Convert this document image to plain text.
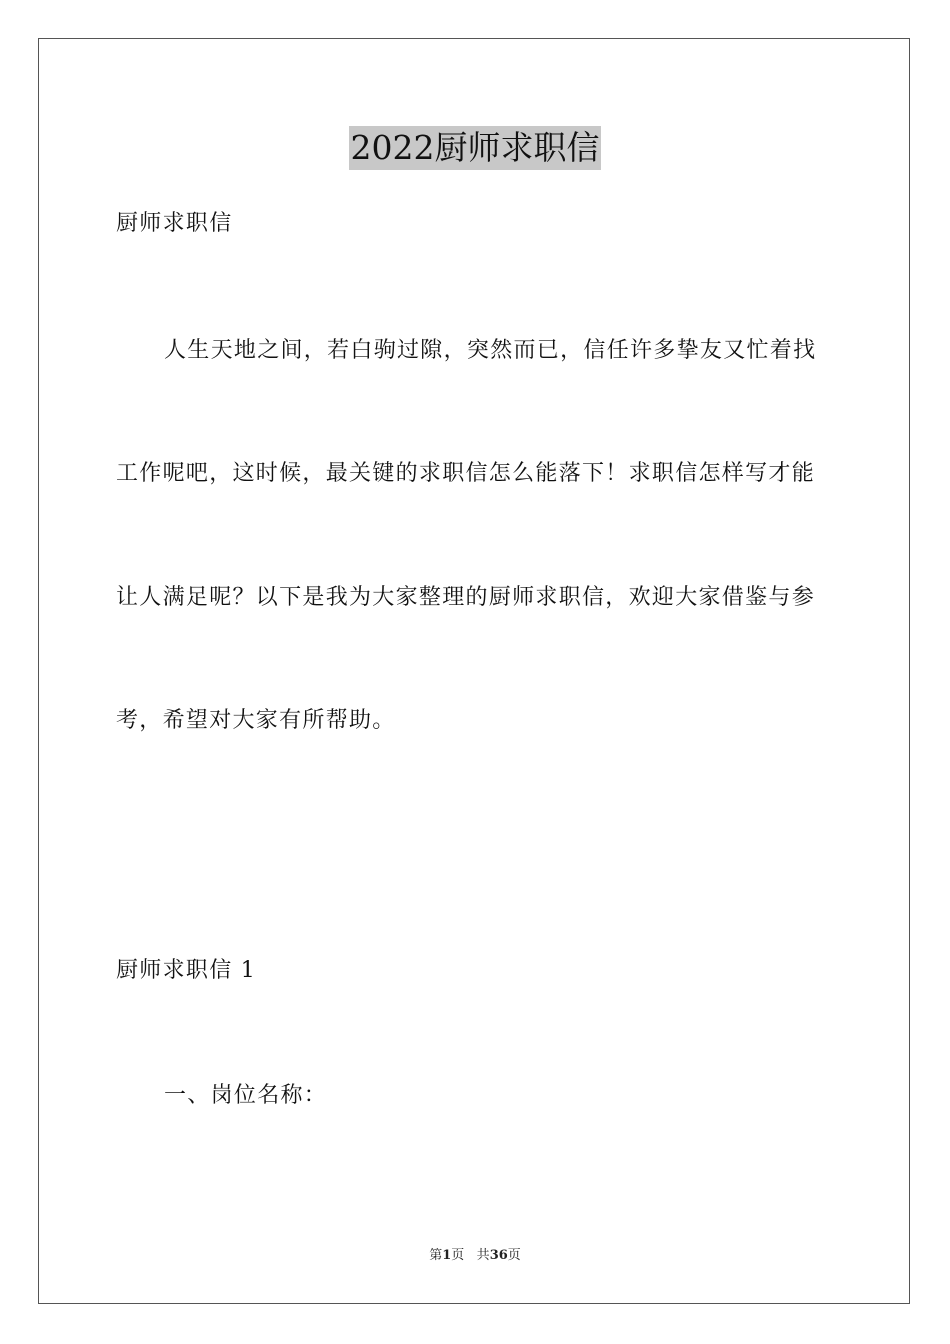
2022厨师求职信
厨师求职信
人生天地之间，若白驹过隙，突然而已，信任许多挚友又忙着找
工作呢吧，这时候，最关键的求职信怎么能落下！求职信怎样写才能
让人满足呢？以下是我为大家整理的厨师求职信，欢迎大家借鉴与参
考，希望对大家有所帮助。
厨师求职信 1
一、岗位名称：
第1页 共36页
